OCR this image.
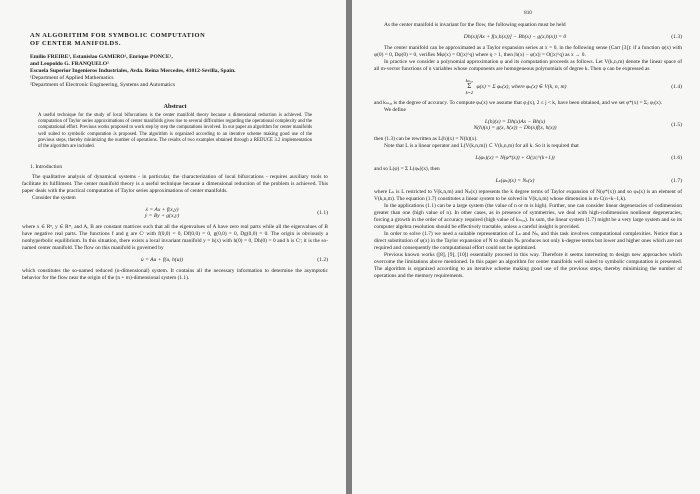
AN ALGORITHM FOR SYMBOLIC COMPUTATION
OF CENTER MANIFOLDS.
Emilio FREIRE¹, Estanislao GAMERO¹, Enrique PONCE¹,
and Leopoldo G. FRANQUELO²
Escuela Superior Ingenieros Industriales, Avda. Reina Mercedes, 41012-Sevilla, Spain.
¹Department of Applied Mathematics
²Department of Electronic Engineering, Systems and Automatics
Abstract
A useful technique for the study of local bifurcations is the center manifold theory because a dimensional reduction is achieved. The computation of Taylor series approximations of center manifolds gives rise to several difficulties regarding the operational complexity and the computational effort. Previous works proposed to work step by step the computations involved. In our paper an algorithm for center manifolds well suited to symbolic computation is proposed. The algorithm is organized according to an iterative scheme making good use of the previous steps, thereby minimizing the number of operations. The results of two examples obtained through a REDUCE 3.2 implementation of the algorithm are included.
1. Introduction

The qualitative analysis of dynamical systems - in particular, the characterization of local bifurcations - requires auxiliary tools to facilitate its fulfilment. The center manifold theory is a useful technique because a dimensional reduction of the problem is achieved. This paper deals with the practical computation of Taylor series approximations of center manifolds.

Consider the system

ẋ = Ax + f(x,y)
ẏ = By + g(x,y)	(1.1)

where x ∈ Rⁿ, y ∈ Rᵐ, and A, B are constant matrices such that all the eigenvalues of A have zero real parts while all the eigenvalues of B have negative real parts. The functions f and g are Cʳ with f(0,0) = 0, Df(0,0) = 0, g(0,0) = 0, Dg(0,0) = 0. The origin is obviously a nonhyperbolic equilibrium. In this situation, there exists a local invariant manifold y = h(x) with h(0) = 0, Dh(0) = 0 and h is Cʳ; it is the so-named center manifold. The flow on this manifold is governed by

u̇ = Au + f(u, h(u))	(1.2)

which constitutes the so-named reduced (n-dimensional) system. It contains all the necessary information to determine the asymptotic behavior for the flow near the origin of the (n + m)-dimensional system (1.1).

810

As the center manifold is invariant for the flow, the following equation must be held

Dh(x)[Ax + f(x,h(x))] − Bh(x) − g(x,h(x)) = 0	(1.3)

The center manifold can be approximated as a Taylor expansion series at x = 0, in the following sense (Carr [3]): if a function φ(x) with φ(0) = 0, Dφ(0) = 0, verifies Mφ(x) = O(|x|^q) where q > 1, then |h(x) − φ(x)| = O(|x|^q) as x → 0.

In practice we consider a polynomial approximation φ and its computation proceeds as follows. Let V(k,n,m) denote the linear space of all m-vector functions of n variables whose components are homogeneous polynomials of degree k. Then φ can be expressed as

kₘₐₓ
Σ
k=2
φ(x) = Σ φₖ(x), where φₖ(x) ∈ V(k, n, m)	(1.4)

and kₘₐₓ is the degree of accuracy. To compute φₖ(x) we assume that φⱼ(x), 2 ≤ j < k, have been obtained, and we set φ*(x) = Σⱼ φⱼ(x).

We define

L(h)(x) = Dh(x)Ax − Bh(x)
N(h)(x) = g(x, h(x)) − Dh(x)f(x, h(x))	(1.5)

then (1.3) can be rewritten as L(h)(x) = N(h)(x).

Note that L is a linear operator and L(V(k,n,m)) ⊂ V(k,n,m) for all k. So it is required that

L(φₖ)(x) = N(φ*(x)) + O(|x|^(k+1))	(1.6)

and so L(φ) = Σ L(φₖ)(x), then

Lₖ(φₖ)(x) = Nₖ(x)	(1.7)

where Lₖ is L restricted to V(k,n,m) and Nₖ(x) represents the k degree terms of Taylor expansion of N(φ*(x)) and so φₖ(x) is an element of V(k,n,m). The equation (1.7) constitutes a linear system to be solved in V(k,n,m) whose dimension is m·C(n+k−1,k).

In the applications (1.1) can be a large system (the value of n or m is high). Further, one can consider linear degeneracies of codimension greater than one (high value of n). In other cases, as in presence of symmetries, we deal with high-codimension nonlinear degeneracies, forcing a growth in the order of accuracy required (high value of kₘₐₓ). In sum, the linear system (1.7) might be a very large system and so its computer algebra resolution should be effectively tractable, unless a careful insight is provided.

In order to solve (1.7) we need a suitable representation of Lₖ and Nₖ, and this task involves computational complexities. Notice that a direct substitution of φ(x) in the Taylor expansion of N to obtain Nₖ produces not only k-degree terms but lower and higher ones which are not required and consequently the computational effort could not be optimized.

Previous known works ([8], [9], [10]) essentially proceed in this way. Therefore it seems interesting to design new approaches which overcome the limitations above mentioned. In this paper an algorithm for center manifolds well suited to symbolic computation is presented. The algorithm is organized according to an iterative scheme making good use of the previous steps, thereby minimizing the number of operations and the memory requirements.
